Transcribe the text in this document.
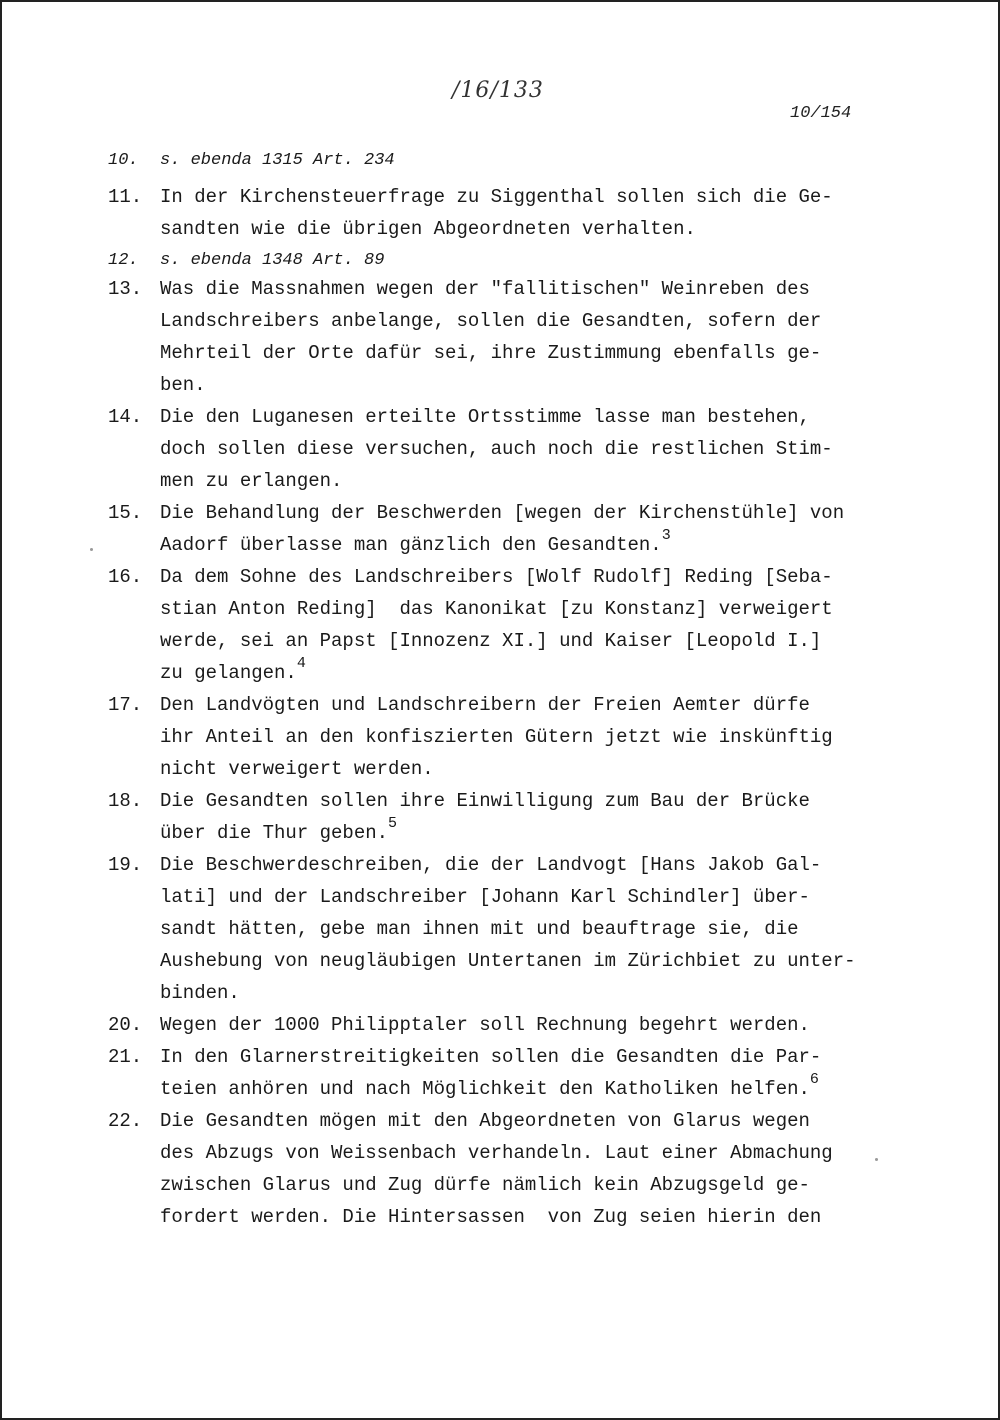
/16/133
10/154
10.	s. ebenda 1315 Art. 234
11. In der Kirchensteuerfrage zu Siggenthal sollen sich die Ge-
sandten wie die übrigen Abgeordneten verhalten.
12.	s. ebenda 1348 Art. 89
13. Was die Massnahmen wegen der "fallitischen" Weinreben des
Landschreibers anbelange, sollen die Gesandten, sofern der
Mehrteil der Orte dafür sei, ihre Zustimmung ebenfalls ge-
ben.
14. Die den Luganesen erteilte Ortsstimme lasse man bestehen,
doch sollen diese versuchen, auch noch die restlichen Stim-
men zu erlangen.
15. Die Behandlung der Beschwerden [wegen der Kirchenstühle] von
Aadorf überlasse man gänzlich den Gesandten.$^3$
16. Da dem Sohne des Landschreibers [Wolf Rudolf] Reding [Seba-
stian Anton Reding]  das Kanonikat [zu Konstanz] verweigert
werde, sei an Papst [Innozenz XI.] und Kaiser [Leopold I.]
zu gelangen.$^4$
17. Den Landvögten und Landschreibern der Freien Aemter dürfe
ihr Anteil an den konfiszierten Gütern jetzt wie inskünftig
nicht verweigert werden.
18. Die Gesandten sollen ihre Einwilligung zum Bau der Brücke
über die Thur geben.$^5$
19. Die Beschwerdeschreiben, die der Landvogt [Hans Jakob Gal-
lati] und der Landschreiber [Johann Karl Schindler] über-
sandt hätten, gebe man ihnen mit und beauftrage sie, die
Aushebung von neugläubigen Untertanen im Zürichbiet zu unter-
binden.
20. Wegen der 1000 Philipptaler soll Rechnung begehrt werden.
21. In den Glarnerstreitigkeiten sollen die Gesandten die Par-
teien anhören und nach Möglichkeit den Katholiken helfen.$^6$
22. Die Gesandten mögen mit den Abgeordneten von Glarus wegen
des Abzugs von Weissenbach verhandeln. Laut einer Abmachung
zwischen Glarus und Zug dürfe nämlich kein Abzugsgeld ge-
fordert werden. Die Hintersassen  von Zug seien hierin den
